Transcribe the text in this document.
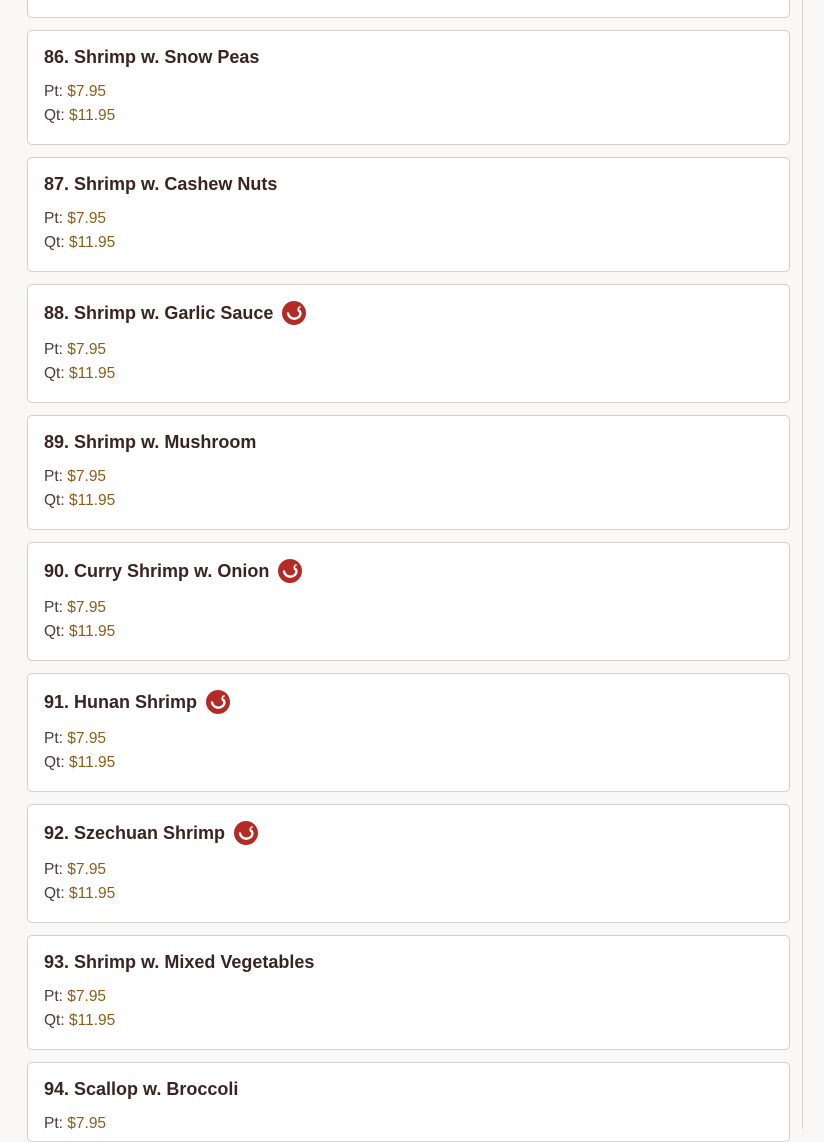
86. Shrimp w. Snow Peas
Pt: $7.95
Qt: $11.95
87. Shrimp w. Cashew Nuts
Pt: $7.95
Qt: $11.95
88. Shrimp w. Garlic Sauce
Pt: $7.95
Qt: $11.95
89. Shrimp w. Mushroom
Pt: $7.95
Qt: $11.95
90. Curry Shrimp w. Onion
Pt: $7.95
Qt: $11.95
91. Hunan Shrimp
Pt: $7.95
Qt: $11.95
92. Szechuan Shrimp
Pt: $7.95
Qt: $11.95
93. Shrimp w. Mixed Vegetables
Pt: $7.95
Qt: $11.95
94. Scallop w. Broccoli
Pt: $7.95
